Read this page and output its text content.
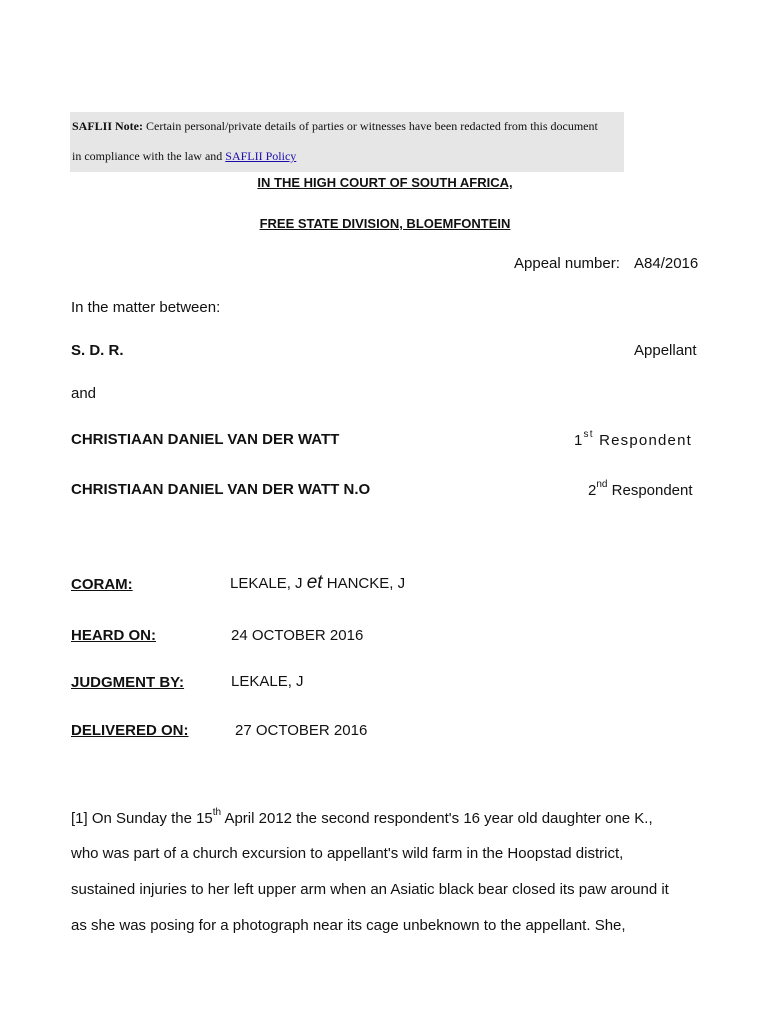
SAFLII Note: Certain personal/private details of parties or witnesses have been redacted from this document
in compliance with the law and SAFLII Policy
IN THE HIGH COURT OF SOUTH AFRICA,
FREE STATE DIVISION, BLOEMFONTEIN
Appeal number: A84/2016
In the matter between:
S. D. R.	Appellant
and
CHRISTIAAN DANIEL VAN DER WATT	1st Respondent
CHRISTIAAN DANIEL VAN DER WATT N.O	2nd Respondent
CORAM:	LEKALE, J et HANCKE, J
HEARD ON:	24 OCTOBER 2016
JUDGMENT BY:	LEKALE, J
DELIVERED ON:	27 OCTOBER 2016
[1] On Sunday the 15th April 2012 the second respondent's 16 year old daughter one K.,
who was part of a church excursion to appellant's wild farm in the Hoopstad district,
sustained injuries to her left upper arm when an Asiatic black bear closed its paw around it
as she was posing for a photograph near its cage unbeknown to the appellant. She,
